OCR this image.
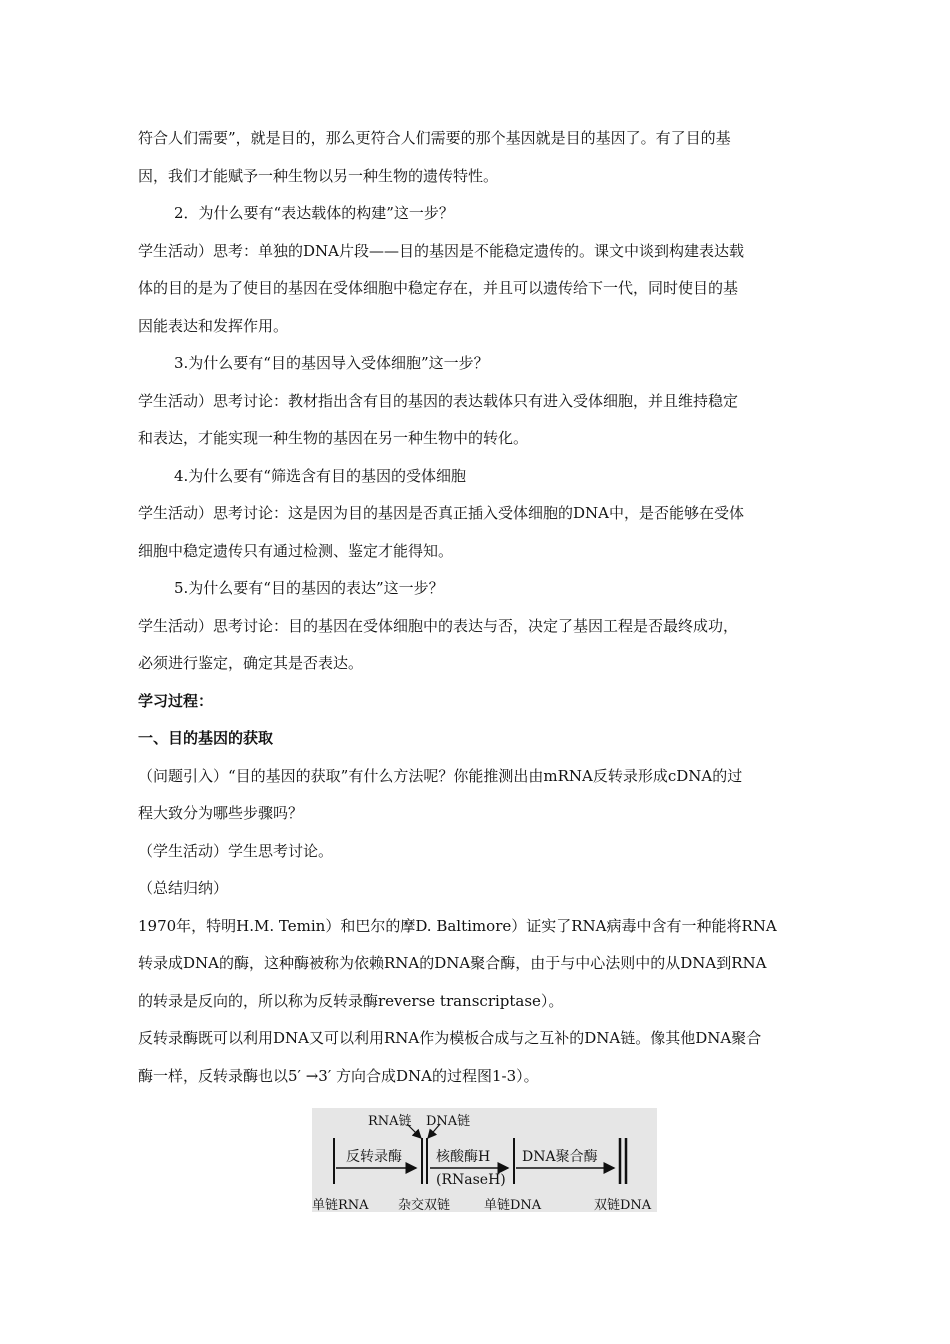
符合人们需要”，就是目的，那么更符合人们需要的那个基因就是目的基因了。有了目的基

因，我们才能赋予一种生物以另一种生物的遗传特性。

2．为什么要有“表达载体的构建”这一步？

学生活动）思考：单独的DNA片段——目的基因是不能稳定遗传的。课文中谈到构建表达载

体的目的是为了使目的基因在受体细胞中稳定存在，并且可以遗传给下一代，同时使目的基

因能表达和发挥作用。

3.为什么要有“目的基因导入受体细胞”这一步？

学生活动）思考讨论：教材指出含有目的基因的表达载体只有进入受体细胞，并且维持稳定

和表达，才能实现一种生物的基因在另一种生物中的转化。

4.为什么要有“筛选含有目的基因的受体细胞

学生活动）思考讨论：这是因为目的基因是否真正插入受体细胞的DNA中，是否能够在受体

细胞中稳定遗传只有通过检测、鉴定才能得知。

5.为什么要有“目的基因的表达”这一步？

学生活动）思考讨论：目的基因在受体细胞中的表达与否，决定了基因工程是否最终成功，

必须进行鉴定，确定其是否表达。

学习过程：

一、目的基因的获取

（问题引入）“目的基因的获取”有什么方法呢？你能推测出由mRNA反转录形成cDNA的过

程大致分为哪些步骤吗？

（学生活动）学生思考讨论。

（总结归纳）

1970年，特明H.M. Temin）和巴尔的摩D. Baltimore）证实了RNA病毒中含有一种能将RNA

转录成DNA的酶，这种酶被称为依赖RNA的DNA聚合酶，由于与中心法则中的从DNA到RNA

的转录是反向的，所以称为反转录酶reverse transcriptase）。

反转录酶既可以利用DNA又可以利用RNA作为模板合成与之互补的DNA链。像其他DNA聚合

酶一样，反转录酶也以5′ →3′ 方向合成DNA的过程图1-3）。

RNA链 DNA链
反转录酶 核酸酶H
(RNaseH)
DNA聚合酶
单链RNA 杂交双链	单链DNA	双链DNA
